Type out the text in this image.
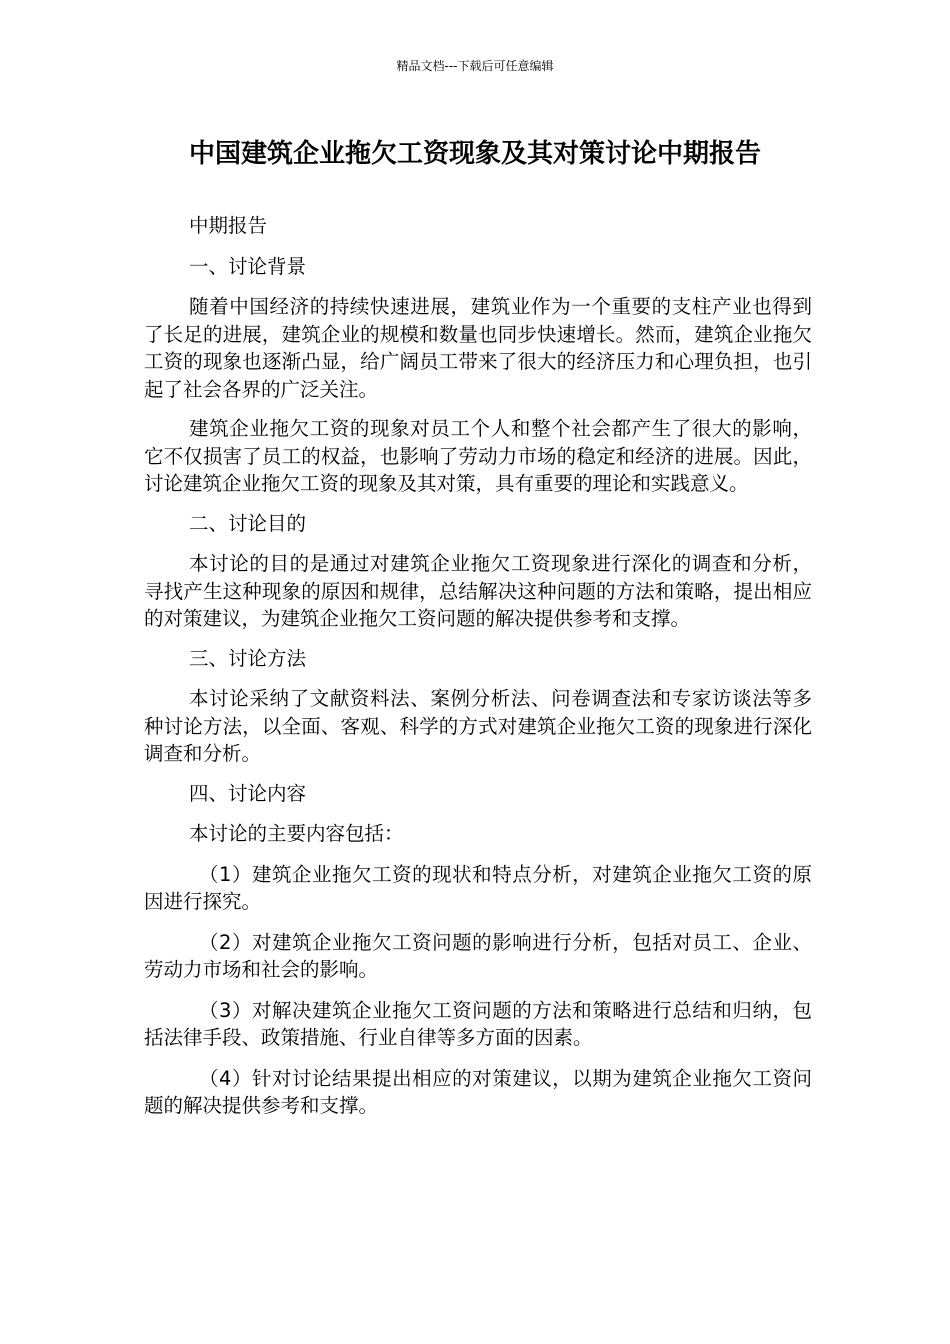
精品文档---下载后可任意编辑
中国建筑企业拖欠工资现象及其对策讨论中期报告

中期报告

一、讨论背景

随着中国经济的持续快速进展，建筑业作为一个重要的支柱产业也得到了长足的进展，建筑企业的规模和数量也同步快速增长。然而，建筑企业拖欠工资的现象也逐渐凸显，给广阔员工带来了很大的经济压力和心理负担，也引起了社会各界的广泛关注。

建筑企业拖欠工资的现象对员工个人和整个社会都产生了很大的影响，它不仅损害了员工的权益，也影响了劳动力市场的稳定和经济的进展。因此，讨论建筑企业拖欠工资的现象及其对策，具有重要的理论和实践意义。

二、讨论目的

本讨论的目的是通过对建筑企业拖欠工资现象进行深化的调查和分析，寻找产生这种现象的原因和规律，总结解决这种问题的方法和策略，提出相应的对策建议，为建筑企业拖欠工资问题的解决提供参考和支撑。

三、讨论方法

本讨论采纳了文献资料法、案例分析法、问卷调查法和专家访谈法等多种讨论方法，以全面、客观、科学的方式对建筑企业拖欠工资的现象进行深化调查和分析。

四、讨论内容

本讨论的主要内容包括：

（1）建筑企业拖欠工资的现状和特点分析，对建筑企业拖欠工资的原因进行探究。

（2）对建筑企业拖欠工资问题的影响进行分析，包括对员工、企业、劳动力市场和社会的影响。

（3）对解决建筑企业拖欠工资问题的方法和策略进行总结和归纳，包括法律手段、政策措施、行业自律等多方面的因素。

（4）针对讨论结果提出相应的对策建议，以期为建筑企业拖欠工资问题的解决提供参考和支撑。
